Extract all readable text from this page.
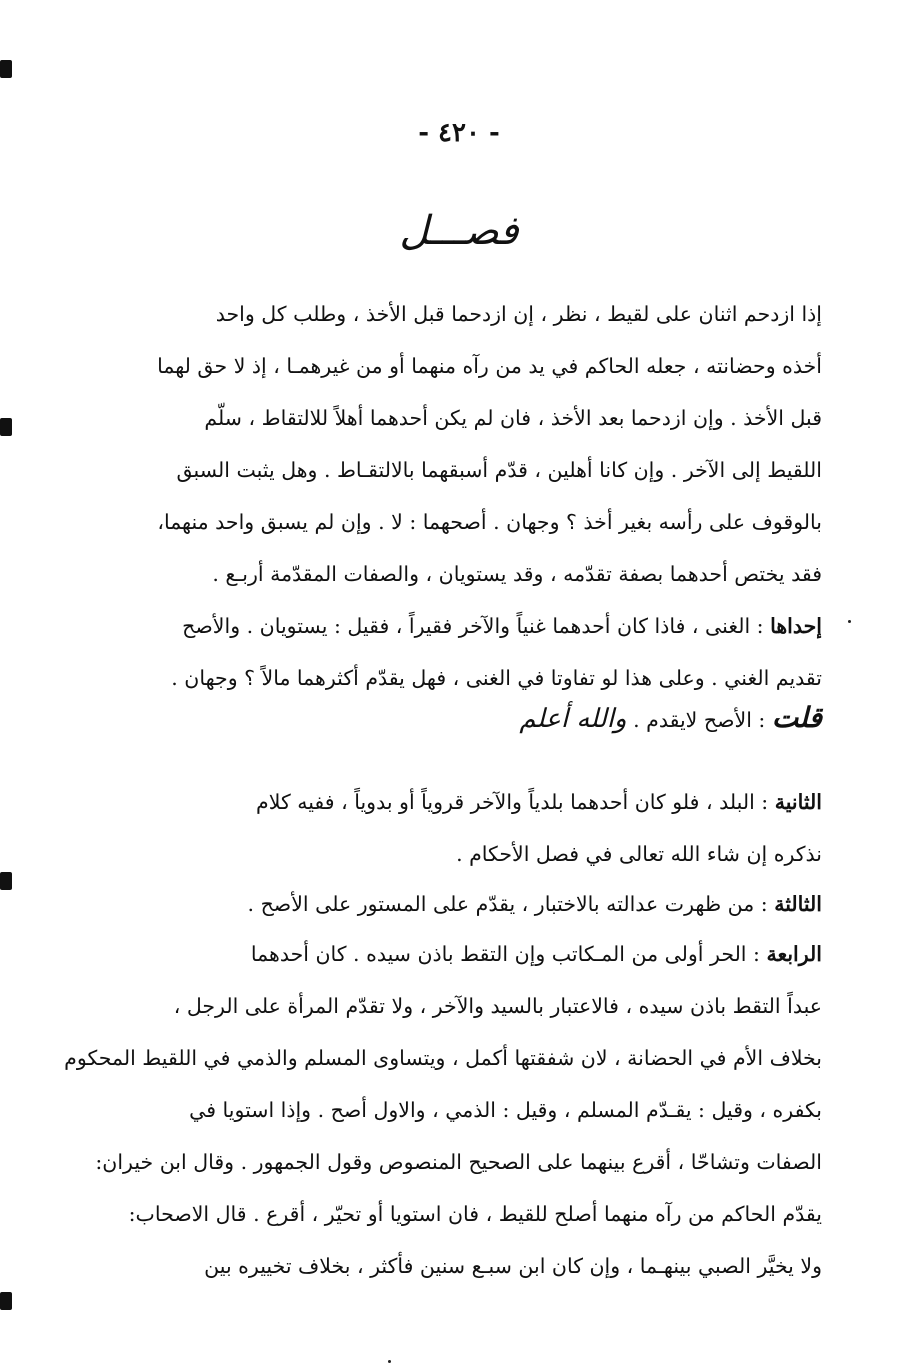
- ٤٢٠ -
فصـــل
إذا ازدحم اثنان على لقيط ، نظر ، إن ازدحما قبل الأخذ ، وطلب كل واحد
أخذه وحضانته ، جعله الحاكم في يد من رآه منهما أو من غيرهمـا ، إذ لا حق لهما
قبل الأخذ . وإن ازدحما بعد الأخذ ، فان لم يكن أحدهما أهلاً للالتقاط ، سلّم
اللقيط إلى الآخر . وإن كانا أهلين ، قدّم أسبقهما بالالتقـاط . وهل يثبت السبق
بالوقوف على رأسه بغير أخذ ؟ وجهان . أصحهما : لا . وإن لم يسبق واحد منهما،
فقد يختص أحدهما بصفة تقدّمه ، وقد يستويان ، والصفات المقدّمة أربـع .
إحداها : الغنى ، فاذا كان أحدهما غنياً والآخر فقيراً ، فقيل : يستويان . والأصح
تقديم الغني . وعلى هذا لو تفاوتا في الغنى ، فهل يقدّم أكثرهما مالاً ؟ وجهان .
قلت : الأصح لايقدم . والله أعلم
الثانية : البلد ، فلو كان أحدهما بلدياً والآخر قروياً أو بدوياً ، ففيه كلام
نذكره إن شاء الله تعالى في فصل الأحكام .
الثالثة : من ظهرت عدالته بالاختبار ، يقدّم على المستور على الأصح .
الرابعة : الحر أولى من المـكاتب وإن التقط باذن سيده . كان أحدهما
عبداً التقط باذن سيده ، فالاعتبار بالسيد والآخر ، ولا تقدّم المرأة على الرجل ،
بخلاف الأم في الحضانة ، لان شفقتها أكمل ، ويتساوى المسلم والذمي في اللقيط المحكوم
بكفره ، وقيل : يقـدّم المسلم ، وقيل : الذمي ، والاول أصح . وإذا استويا في
الصفات وتشاحّا ، أقرع بينهما على الصحيح المنصوص وقول الجمهور . وقال ابن خيران:
يقدّم الحاكم من رآه منهما أصلح للقيط ، فان استويا أو تحيّر ، أقرع . قال الاصحاب:
ولا يخيَّر الصبي بينهـما ، وإن كان ابن سبـع سنين فأكثر ، بخلاف تخييره بين
